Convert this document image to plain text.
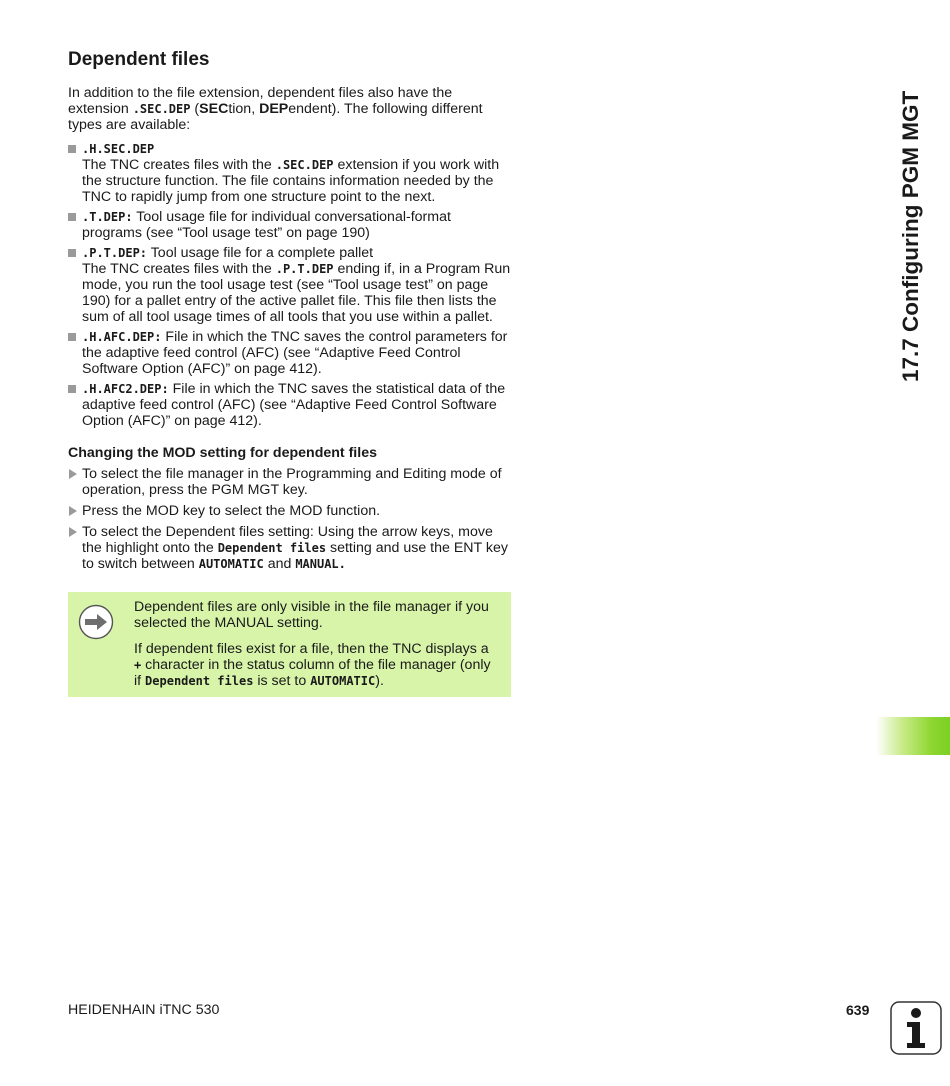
17.7 Configuring PGM MGT
Dependent files

In addition to the file extension, dependent files also have the extension .SEC.DEP (SECtion, DEPendent). The following different types are available:

.H.SEC.DEP
The TNC creates files with the .SEC.DEP extension if you work with the structure function. The file contains information needed by the TNC to rapidly jump from one structure point to the next.
.T.DEP: Tool usage file for individual conversational-format programs (see “Tool usage test” on page 190)
.P.T.DEP: Tool usage file for a complete pallet
The TNC creates files with the .P.T.DEP ending if, in a Program Run mode, you run the tool usage test (see “Tool usage test” on page 190) for a pallet entry of the active pallet file. This file then lists the sum of all tool usage times of all tools that you use within a pallet.
.H.AFC.DEP: File in which the TNC saves the control parameters for the adaptive feed control (AFC) (see “Adaptive Feed Control Software Option (AFC)” on page 412).
.H.AFC2.DEP: File in which the TNC saves the statistical data of the adaptive feed control (AFC) (see “Adaptive Feed Control Software Option (AFC)” on page 412).
Changing the MOD setting for dependent files
To select the file manager in the Programming and Editing mode of operation, press the PGM MGT key.
Press the MOD key to select the MOD function.
To select the Dependent files setting: Using the arrow keys, move the highlight onto the Dependent files setting and use the ENT key to switch between AUTOMATIC and MANUAL.

Dependent files are only visible in the file manager if you selected the MANUAL setting.

If dependent files exist for a file, then the TNC displays a + character in the status column of the file manager (only if Dependent files is set to AUTOMATIC).

HEIDENHAIN iTNC 530	639
